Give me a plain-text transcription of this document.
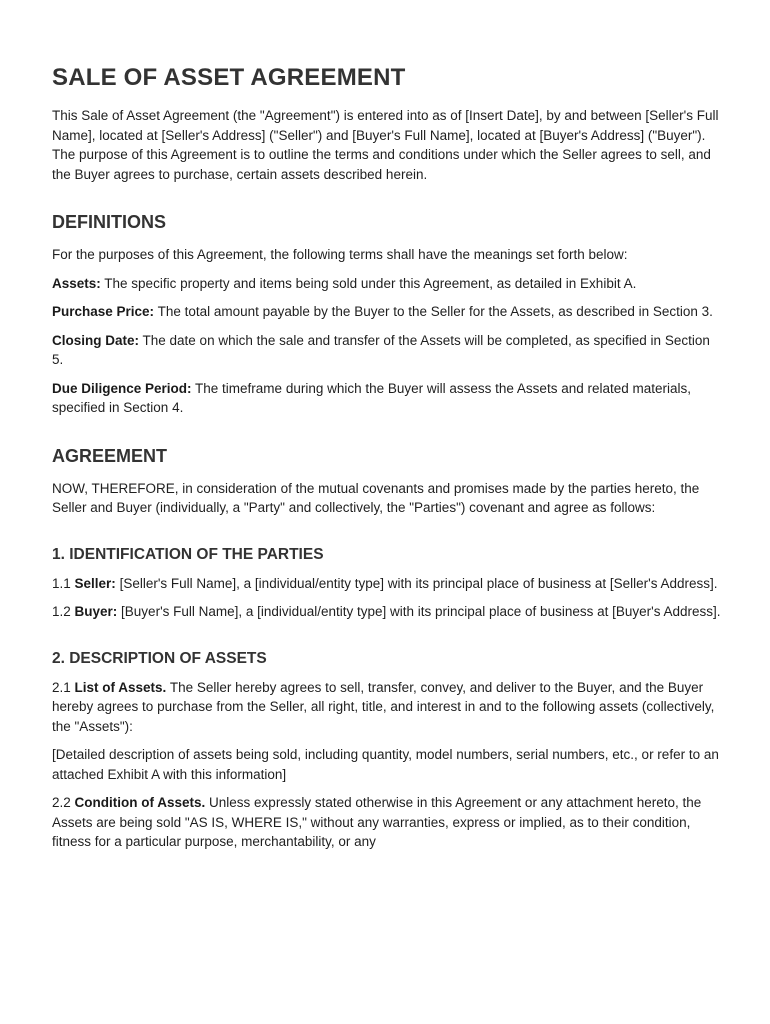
SALE OF ASSET AGREEMENT

This Sale of Asset Agreement (the "Agreement") is entered into as of [Insert Date], by and between [Seller's Full Name], located at [Seller's Address] ("Seller") and [Buyer's Full Name], located at [Buyer's Address] ("Buyer"). The purpose of this Agreement is to outline the terms and conditions under which the Seller agrees to sell, and the Buyer agrees to purchase, certain assets described herein.

DEFINITIONS

For the purposes of this Agreement, the following terms shall have the meanings set forth below:

Assets: The specific property and items being sold under this Agreement, as detailed in Exhibit A.

Purchase Price: The total amount payable by the Buyer to the Seller for the Assets, as described in Section 3.

Closing Date: The date on which the sale and transfer of the Assets will be completed, as specified in Section 5.

Due Diligence Period: The timeframe during which the Buyer will assess the Assets and related materials, specified in Section 4.

AGREEMENT

NOW, THEREFORE, in consideration of the mutual covenants and promises made by the parties hereto, the Seller and Buyer (individually, a "Party" and collectively, the "Parties") covenant and agree as follows:

1. IDENTIFICATION OF THE PARTIES

1.1 Seller: [Seller's Full Name], a [individual/entity type] with its principal place of business at [Seller's Address].

1.2 Buyer: [Buyer's Full Name], a [individual/entity type] with its principal place of business at [Buyer's Address].

2. DESCRIPTION OF ASSETS

2.1 List of Assets. The Seller hereby agrees to sell, transfer, convey, and deliver to the Buyer, and the Buyer hereby agrees to purchase from the Seller, all right, title, and interest in and to the following assets (collectively, the "Assets"):

[Detailed description of assets being sold, including quantity, model numbers, serial numbers, etc., or refer to an attached Exhibit A with this information]

2.2 Condition of Assets. Unless expressly stated otherwise in this Agreement or any attachment hereto, the Assets are being sold "AS IS, WHERE IS," without any warranties, express or implied, as to their condition, fitness for a particular purpose, merchantability, or any
